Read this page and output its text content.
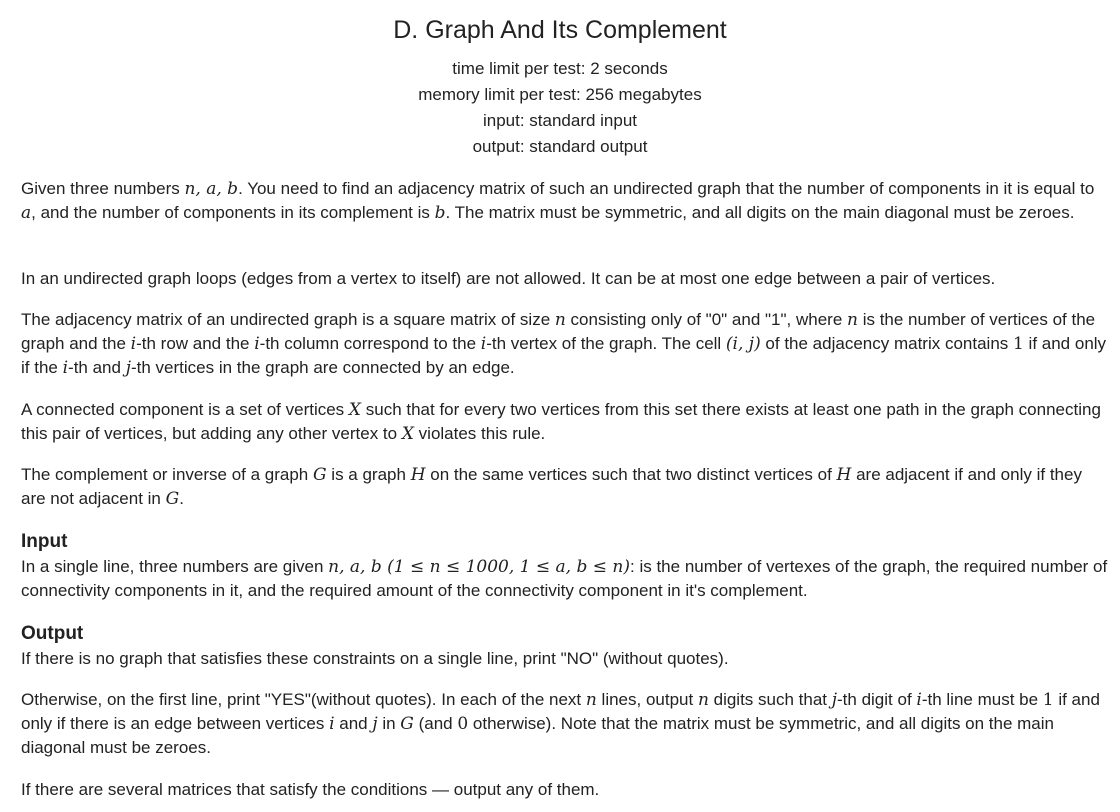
D. Graph And Its Complement
time limit per test: 2 seconds
memory limit per test: 256 megabytes
input: standard input
output: standard output

Given three numbers n, a, b. You need to find an adjacency matrix of such an undirected graph that the number of components in it is equal to a, and the number of components in its complement is b. The matrix must be symmetric, and all digits on the main diagonal must be zeroes.

In an undirected graph loops (edges from a vertex to itself) are not allowed. It can be at most one edge between a pair of vertices.

The adjacency matrix of an undirected graph is a square matrix of size n consisting only of "0" and "1", where n is the number of vertices of the graph and the i-th row and the i-th column correspond to the i-th vertex of the graph. The cell (i, j) of the adjacency matrix contains 1 if and only if the i-th and j-th vertices in the graph are connected by an edge.

A connected component is a set of vertices X such that for every two vertices from this set there exists at least one path in the graph connecting this pair of vertices, but adding any other vertex to X violates this rule.

The complement or inverse of a graph G is a graph H on the same vertices such that two distinct vertices of H are adjacent if and only if they are not adjacent in G.

Input

In a single line, three numbers are given n, a, b (1 ≤ n ≤ 1000, 1 ≤ a, b ≤ n): is the number of vertexes of the graph, the required number of connectivity components in it, and the required amount of the connectivity component in it's complement.

Output

If there is no graph that satisfies these constraints on a single line, print "NO" (without quotes).

Otherwise, on the first line, print "YES"(without quotes). In each of the next n lines, output n digits such that j-th digit of i-th line must be 1 if and only if there is an edge between vertices i and j in G (and 0 otherwise). Note that the matrix must be symmetric, and all digits on the main diagonal must be zeroes.

If there are several matrices that satisfy the conditions — output any of them.
